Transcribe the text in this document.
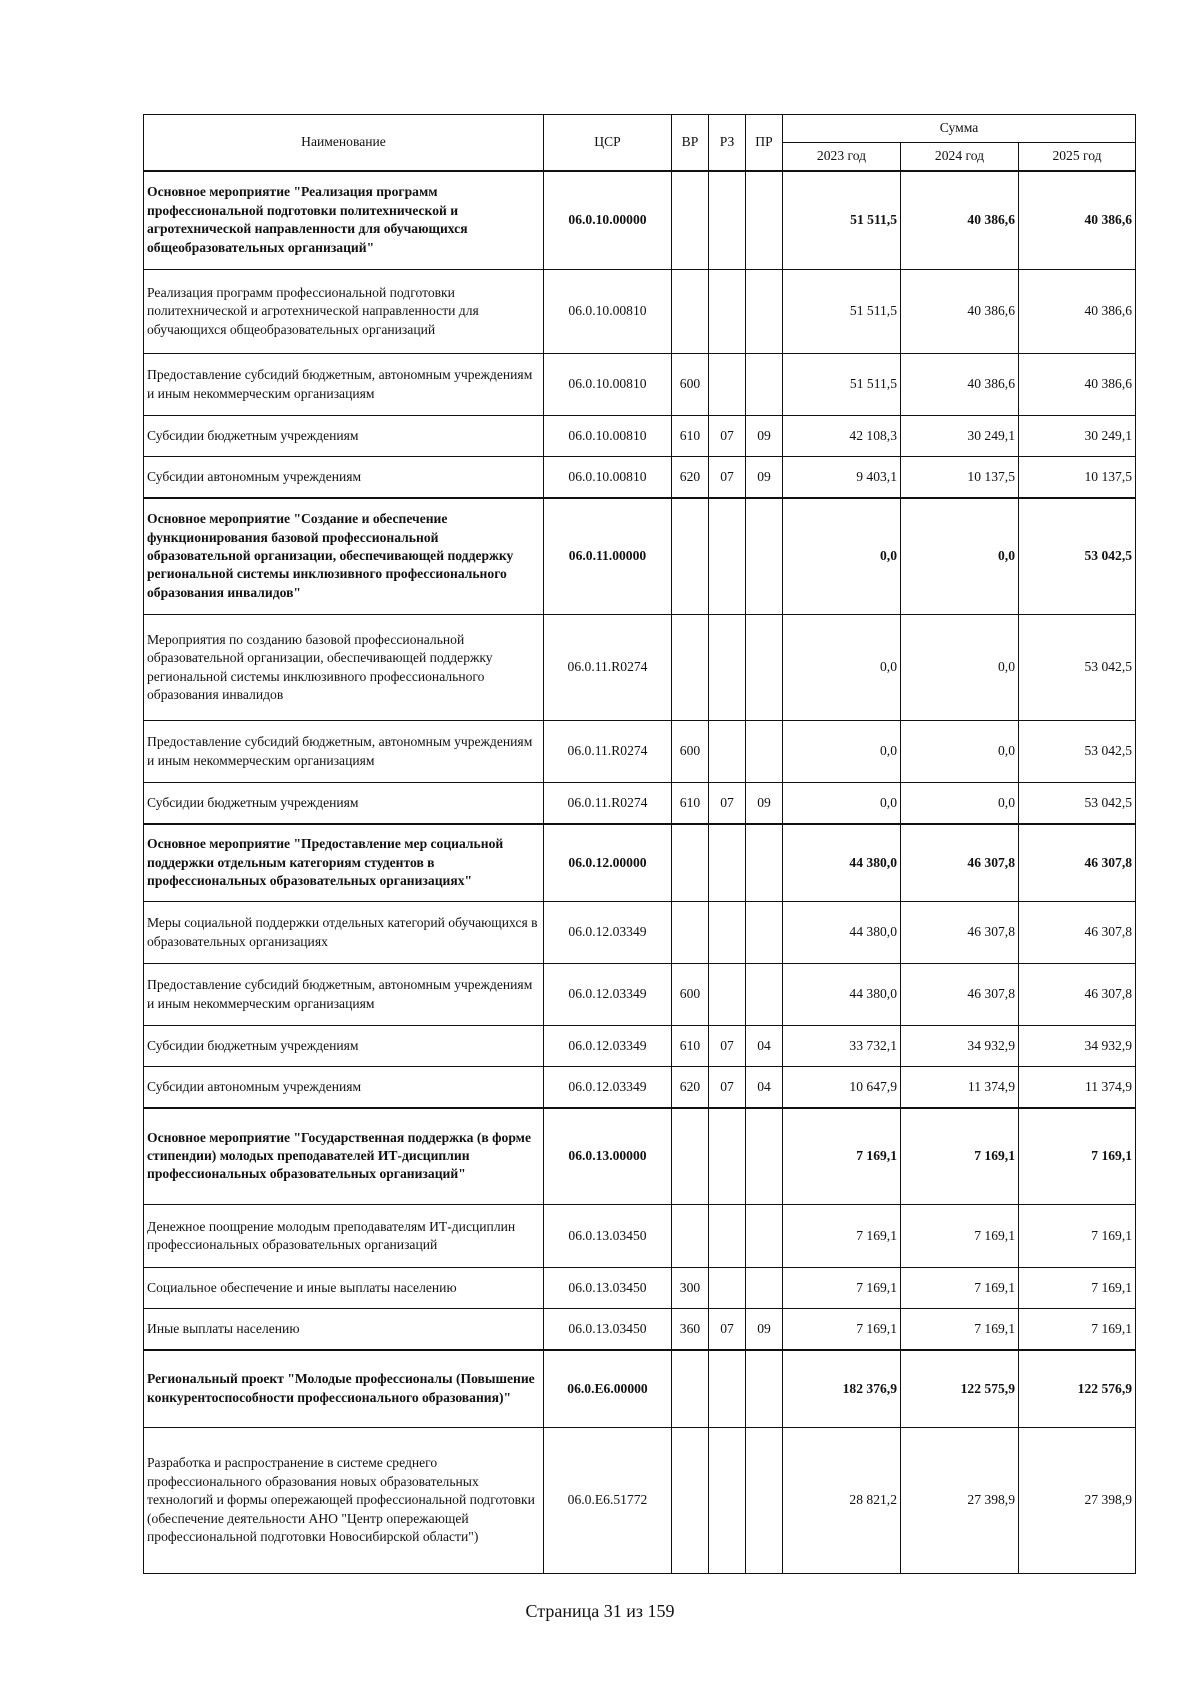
Наименование	ЦСР	ВР	РЗ	ПР	Сумма		
					2023 год	2024 год	2025 год
Основное мероприятие "Реализация программ профессиональной подготовки политехнической и агротехнической направленности для обучающихся общеобразовательных организаций"	06.0.10.00000				51 511,5	40 386,6	40 386,6
Реализация программ профессиональной подготовки политехнической и агротехнической направленности для обучающихся общеобразовательных организаций	06.0.10.00810				51 511,5	40 386,6	40 386,6
Предоставление субсидий бюджетным, автономным учреждениям и иным некоммерческим организациям	06.0.10.00810	600			51 511,5	40 386,6	40 386,6
Субсидии бюджетным учреждениям	06.0.10.00810	610	07	09	42 108,3	30 249,1	30 249,1
Субсидии автономным учреждениям	06.0.10.00810	620	07	09	9 403,1	10 137,5	10 137,5
Основное мероприятие "Создание и обеспечение функционирования базовой профессиональной образовательной организации, обеспечивающей поддержку региональной системы инклюзивного профессионального образования инвалидов"	06.0.11.00000				0,0	0,0	53 042,5
Мероприятия по созданию базовой профессиональной образовательной организации, обеспечивающей поддержку региональной системы инклюзивного профессионального образования инвалидов	06.0.11.R0274				0,0	0,0	53 042,5
Предоставление субсидий бюджетным, автономным учреждениям и иным некоммерческим организациям	06.0.11.R0274	600			0,0	0,0	53 042,5
Субсидии бюджетным учреждениям	06.0.11.R0274	610	07	09	0,0	0,0	53 042,5
Основное мероприятие "Предоставление мер социальной поддержки отдельным категориям студентов в профессиональных образовательных организациях"	06.0.12.00000				44 380,0	46 307,8	46 307,8
Меры социальной поддержки отдельных категорий обучающихся в образовательных организациях	06.0.12.03349				44 380,0	46 307,8	46 307,8
Предоставление субсидий бюджетным, автономным учреждениям и иным некоммерческим организациям	06.0.12.03349	600			44 380,0	46 307,8	46 307,8
Субсидии бюджетным учреждениям	06.0.12.03349	610	07	04	33 732,1	34 932,9	34 932,9
Субсидии автономным учреждениям	06.0.12.03349	620	07	04	10 647,9	11 374,9	11 374,9
Основное мероприятие "Государственная поддержка (в форме стипендии) молодых преподавателей ИТ-дисциплин профессиональных образовательных организаций"	06.0.13.00000				7 169,1	7 169,1	7 169,1
Денежное поощрение молодым преподавателям ИТ-дисциплин профессиональных образовательных организаций	06.0.13.03450				7 169,1	7 169,1	7 169,1
Социальное обеспечение и иные выплаты населению	06.0.13.03450	300			7 169,1	7 169,1	7 169,1
Иные выплаты населению	06.0.13.03450	360	07	09	7 169,1	7 169,1	7 169,1
Региональный проект "Молодые профессионалы (Повышение конкурентоспособности профессионального образования)"	06.0.E6.00000				182 376,9	122 575,9	122 576,9
Разработка и распространение в системе среднего профессионального образования новых образовательных технологий и формы опережающей профессиональной подготовки (обеспечение деятельности АНО "Центр опережающей профессиональной подготовки Новосибирской области")	06.0.E6.51772				28 821,2	27 398,9	27 398,9
Страница 31 из 159
